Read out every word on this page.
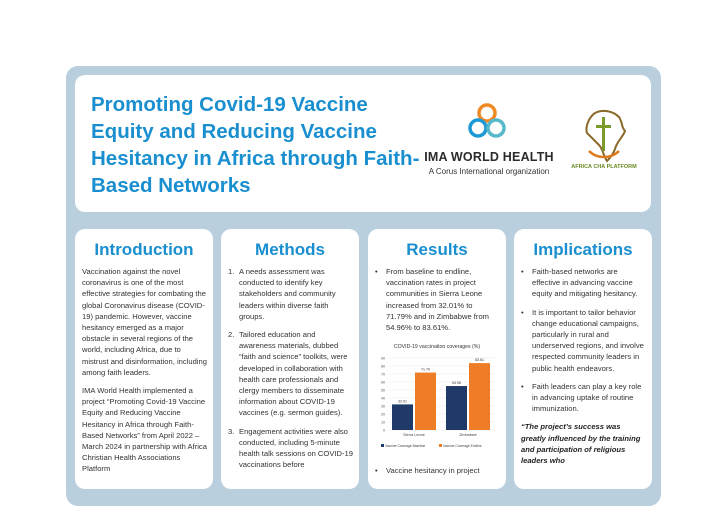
Promoting Covid-19 Vaccine Equity and Reducing Vaccine Hesitancy in Africa through Faith-Based Networks
IMA WORLD HEALTH
A Corus International organization	AFRICA CHA PLATFORM
Introduction

Vaccination against the novel coronavirus is one of the most effective strategies for combating the global Coronavirus disease (COVID-19) pandemic. However, vaccine hesitancy emerged as a major obstacle in several regions of the world, including Africa, due to mistrust and disinformation, including among faith leaders.

IMA World Health implemented a project “Promoting Covid-19 Vaccine Equity and Reducing Vaccine Hesitancy in Africa through Faith-Based Networks” from April 2022 – March 2024 in partnership with Africa Christian Health Associations Platform

Methods
1. A needs assessment was conducted to identify key stakeholders and community leaders within diverse faith groups.
2. Tailored education and awareness materials, dubbed “faith and science” toolkits, were developed in collaboration with health care professionals and clergy members to disseminate information about COVID-19 vaccines (e.g. sermon guides).
3. Engagement activities were also conducted, including 5-minute health talk sessions on COVID-19 vaccinations before
Results
• From baseline to endline, vaccination rates in project communities in Sierra Leone increased from 32.01% to 71.79% and in Zimbabwe from 54.96% to 83.61%.
COVID-19 vaccination coverages (%)
0
10
20
30
40
50
60
70
80
90
32.01
71.79
Sierra Leone
54.96
83.61
Zimbabwe
Vaccine Coverage Baseline	Vaccine Coverage Endline
• Vaccine hesitancy in project
Implications
• Faith-based networks are effective in advancing vaccine equity and mitigating hesitancy.
• It is important to tailor behavior change educational campaigns, particularly in rural and underserved regions, and involve respected community leaders in public health endeavors.
• Faith leaders can play a key role in advancing uptake of routine immunization.

“The project’s success was greatly influenced by the training and participation of religious leaders who
